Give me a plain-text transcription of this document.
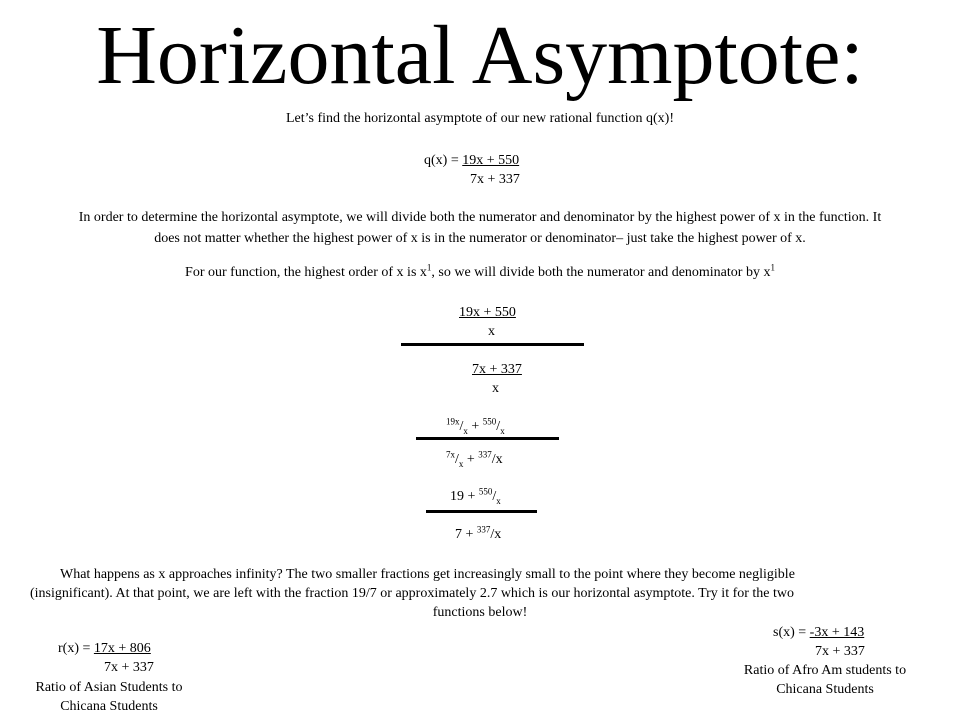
Horizontal Asymptote:
Let’s find the horizontal asymptote of our new rational function q(x)!
q(x) = 19x + 550
7x + 337
In order to determine the horizontal asymptote, we will divide both the numerator and denominator by the highest power of x in the function. It
does not matter whether the highest power of x is in the numerator or denominator– just take the highest power of x.
For our function, the highest order of x is $x^1$, so we will divide both the numerator and denominator by $x^1$
19x + 550
x
7x + 337
x
$^{19x}/_x + ^{550}/_x$
$^{7x}/_x + ^{337}/x$
$19 + ^{550}/_x$
7 + $^{337}$/x
What happens as x approaches infinity? The two smaller fractions get increasingly small to the point where they become negligible
(insignificant). At that point, we are left with the fraction 19/7 or approximately 2.7 which is our horizontal asymptote. Try it for the two
functions below!
r(x) = 17x + 806
7x + 337
Ratio of Asian Students to
Chicana Students
s(x) = -3x + 143
7x + 337
Ratio of Afro Am students to
Chicana Students
